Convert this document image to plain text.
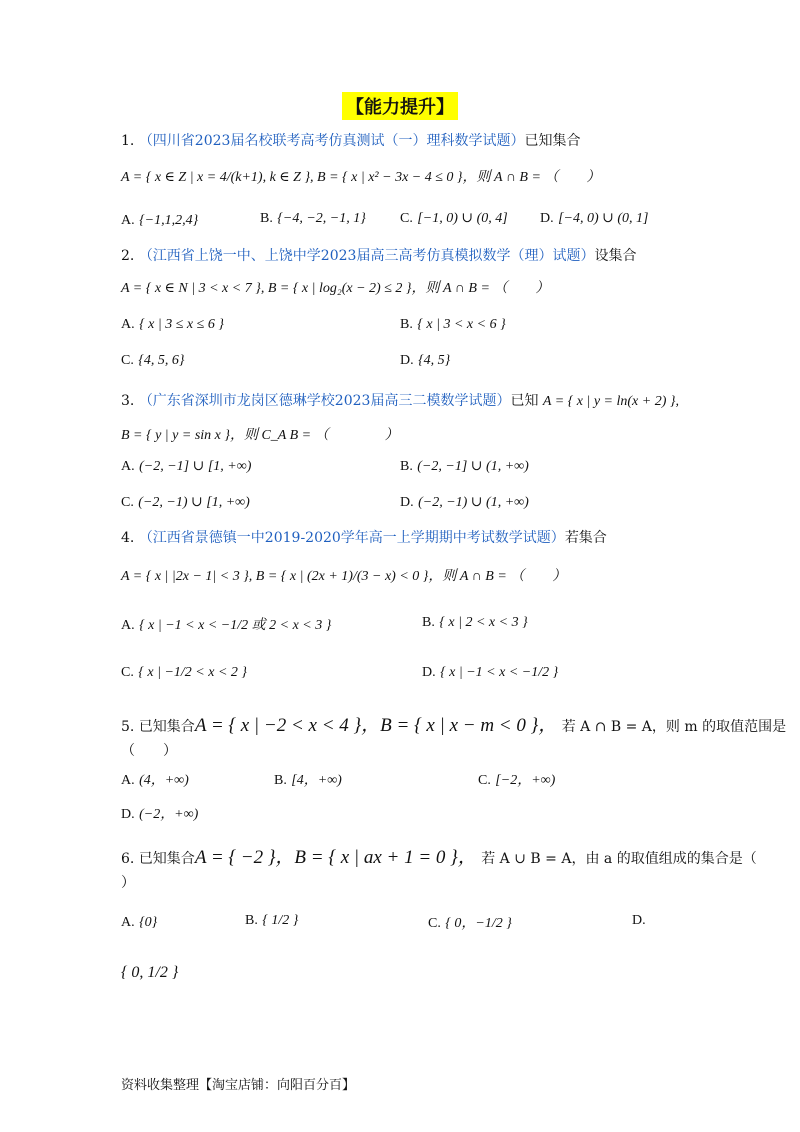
【能力提升】
1. （四川省2023届名校联考高考仿真测试（一）理科数学试题）已知集合
A = { x ∈ Z | x = 4/(k+1), k ∈ Z }, B = { x | x² − 3x − 4 ≤ 0 }，则 A ∩ B = （　　）
A. {−1,1,2,4}	B. {−4, −2, −1, 1} C. [−1, 0) ∪ (0, 4] D. [−4, 0) ∪ (0, 1]
2. （江西省上饶一中、上饶中学2023届高三高考仿真模拟数学（理）试题）设集合
A = { x ∈ N | 3 < x < 7 }, B = { x | log₂(x − 2) ≤ 2 }，则 A ∩ B = （　　）
A. { x | 3 ≤ x ≤ 6 }	B. { x | 3 < x < 6 }
C. {4, 5, 6}	D. {4, 5}
3. （广东省深圳市龙岗区德琳学校2023届高三二模数学试题）已知 A = { x | y = ln(x + 2) },
B = { y | y = sin x }，则 C_A B = （　　　　）
A. (−2, −1] ∪ [1, +∞)	B. (−2, −1] ∪ (1, +∞)
C. (−2, −1) ∪ [1, +∞)	D. (−2, −1) ∪ (1, +∞)
4. （江西省景德镇一中2019-2020学年高一上学期期中考试数学试题）若集合
A = { x | |2x − 1| < 3 }, B = { x | (2x + 1)/(3 − x) < 0 }，则 A ∩ B = （　　）
A. { x | −1 < x < −1/2 或 2 < x < 3 }	B. { x | 2 < x < 3 }
C. { x | −1/2 < x < 2 }	D. { x | −1 < x < −1/2 }
5. 已知集合A = { x | −2 < x < 4 }，B = { x | x − m < 0 }， 若 A ∩ B = A，则 m 的取值范围是
（　　）
A. (4，+∞)	B. [4，+∞)	C. [−2，+∞)
D. (−2，+∞)
6. 已知集合A = { −2 }，B = { x | ax + 1 = 0 }， 若 A ∪ B = A，由 a 的取值组成的集合是（
）
A. {0}	B. { 1/2 }	C. { 0，−1/2 }	D.
{ 0, 1/2 }
资料收集整理【淘宝店铺：向阳百分百】
